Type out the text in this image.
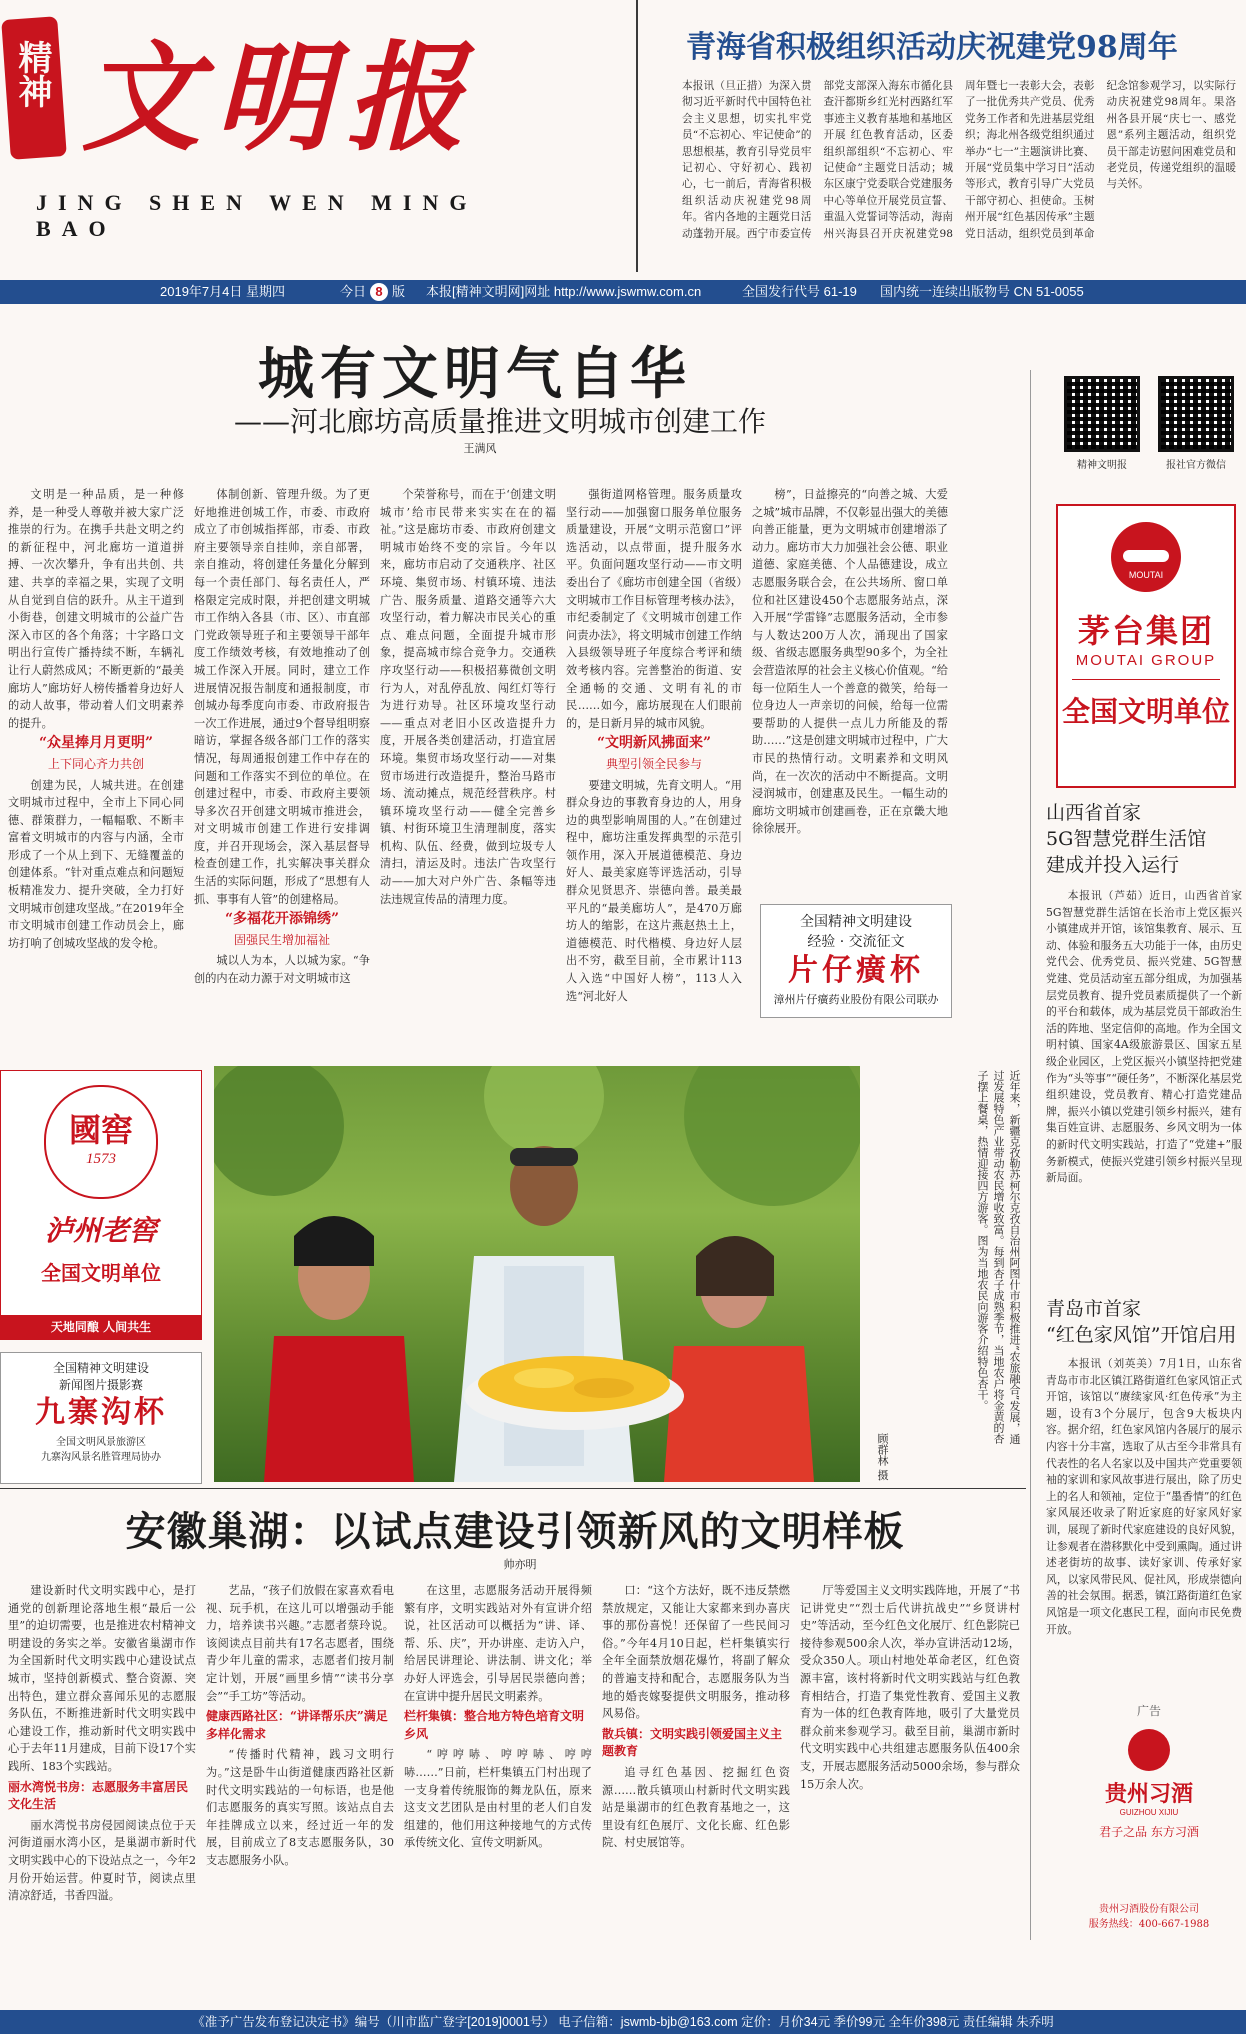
精神 文明报
JING SHEN WEN MING BAO
青海省积极组织活动庆祝建党98周年
本报讯（旦正措）为深入贯彻习近平新时代中国特色社会主义思想，切实扎牢党员“不忘初心、牢记使命”的思想根基，教育引导党员牢记初心、守好初心、践初心，七一前后，青海省积极组织活动庆祝建党98周年。省内各地的主题党日活动蓬勃开展。西宁市委宣传部党支部深入海东市循化县查汗都斯乡红光村西路红军事迹主义教育基地和基地区开展 红色教育活动，区委组织部组织“不忘初心、牢记使命”主题党日活动；城东区康宁党委联合党建服务中心等单位开展党员宣誓、重温入党誓词等活动，海南州兴海县召开庆祝建党98周年暨七一表彰大会，表彰了一批优秀共产党员、优秀党务工作者和先进基层党组织；海北州各级党组织通过举办“七一”主题演讲比赛、开展“党员集中学习日”活动等形式，教育引导广大党员干部守初心、担使命。玉树州开展“红色基因传承”主题党日活动，组织党员到革命纪念馆参观学习，以实际行动庆祝建党98周年。果洛州各县开展“庆七一、感党恩”系列主题活动，组织党员干部走访慰问困难党员和老党员，传递党组织的温暖与关怀。
2019年7月4日 星期四	今日 8 版 本报[精神文明网]网址 http://www.jswmw.com.cn	全国发行代号 61-19 国内统一连续出版物号 CN 51-0055
城有文明气自华
——河北廊坊高质量推进文明城市创建工作
王满风

文明是一种品质，是一种修养，是一种受人尊敬并被大家广泛推崇的行为。在携手共赴文明之约的新征程中，河北廊坊一道道拼搏、一次次攀升，争有出共创、共建、共享的幸福之果，实现了文明从自觉到自信的跃升。从主干道到小街巷，创建文明城市的公益广告深入市区的各个角落；十字路口文明出行宣传广播持续不断，车辆礼让行人蔚然成风；不断更新的“最美廊坊人”廊坊好人榜传播着身边好人的动人故事，带动着人们文明素养的提升。

“众星捧月月更明”
上下同心齐力共创

创建为民，人城共进。在创建文明城市过程中，全市上下同心同德、群策群力，一幅幅歌、不断丰富着文明城市的内容与内涵，全市形成了一个从上到下、无缝覆盖的创建体系。“针对重点难点和问题短板精准发力、提升突破，全力打好文明城市创建攻坚战。”在2019年全市文明城市创建工作动员会上，廊坊打响了创城攻坚战的发令枪。

体制创新、管理升级。为了更好地推进创城工作，市委、市政府成立了市创城指挥部，市委、市政府主要领导亲自挂帅，亲自部署，亲自推动，将创建任务量化分解到每一个责任部门、每名责任人，严格限定完成时限，并把创建文明城市工作纳入各县（市、区）、市直部门党政领导班子和主要领导干部年度工作绩效考核，有效地推动了创城工作深入开展。同时，建立工作进展情况报告制度和通报制度，市创城办每季度向市委、市政府报告一次工作进展，通过9个督导组明察暗访，掌握各级各部门工作的落实情况，每周通报创建工作中存在的问题和工作落实不到位的单位。在创建过程中，市委、市政府主要领导多次召开创建文明城市推进会，对文明城市创建工作进行安排调度，并召开现场会，深入基层督导检查创建工作，扎实解决事关群众生活的实际问题，形成了“思想有人抓、事事有人管”的创建格局。

“多福花开添锦绣”
固强民生增加福祉

城以人为本，人以城为家。“争创的内在动力源于对文明城市这

个荣誉称号，而在于‘创建文明城市’给市民带来实实在在的福祉。”这是廊坊市委、市政府创建文明城市始终不变的宗旨。今年以来，廊坊市启动了交通秩序、社区环境、集贸市场、村镇环境、违法广告、服务质量、道路交通等六大攻坚行动，着力解决市民关心的重点、难点问题，全面提升城市形象，提高城市综合竞争力。交通秩序攻坚行动——积极招募微创文明行为人，对乱停乱放、闯红灯等行为进行劝导。社区环境攻坚行动——重点对老旧小区改造提升力度，开展各类创建活动，打造宜居环境。集贸市场攻坚行动——对集贸市场进行改造提升，整治马路市场、流动摊点，规范经营秩序。村镇环境攻坚行动——健全完善乡镇、村街环境卫生清理制度，落实机构、队伍、经费，做到垃圾专人清扫，清运及时。违法广告攻坚行动——加大对户外广告、条幅等违法违规宣传品的清理力度。

强街道网格管理。服务质量攻坚行动——加强窗口服务单位服务质量建设，开展“文明示范窗口”评选活动，以点带面，提升服务水平。负面问题攻坚行动——市文明委出台了《廊坊市创建全国（省级）文明城市工作目标管理考核办法》，市纪委制定了《文明城市创建工作问责办法》，将文明城市创建工作纳入县级领导班子年度综合考评和绩效考核内容。完善整治的街道、安全通畅的交通、文明有礼的市民……如今，廊坊展现在人们眼前的，是日新月异的城市风貌。

“文明新风拂面来”
典型引领全民参与

要建文明城，先育文明人。“用群众身边的事教育身边的人，用身边的典型影响周围的人。”在创建过程中，廊坊注重发挥典型的示范引领作用，深入开展道德模范、身边好人、最美家庭等评选活动，引导群众见贤思齐、崇德向善。最美最平凡的“最美廊坊人”，是470万廊坊人的缩影，在这片燕赵热土上，道德模范、时代楷模、身边好人层出不穷，截至目前，全市累计113人入选“中国好人榜”，113人入选“河北好人

榜”，日益擦亮的“向善之城、大爱之城”城市品牌，不仅彰显出强大的美德向善正能量，更为文明城市创建增添了动力。廊坊市大力加强社会公德、职业道德、家庭美德、个人品德建设，成立志愿服务联合会，在公共场所、窗口单位和社区建设450个志愿服务站点，深入开展“学雷锋”志愿服务活动，全市参与人数达200万人次，涌现出了国家级、省级志愿服务典型90多个，为全社会营造浓厚的社会主义核心价值观。“给每一位陌生人一个善意的微笑，给每一位身边人一声亲切的问候，给每一位需要帮助的人提供一点儿力所能及的帮助……”这是创建文明城市过程中，广大市民的热情行动。文明素养和文明风尚，在一次次的活动中不断提高。文明浸润城市，创建惠及民生。一幅生动的廊坊文明城市创建画卷，正在京畿大地徐徐展开。

全国精神文明建设
经验 · 交流征文
片仔癀杯
漳州片仔癀药业股份有限公司联办
精神文明报	报社官方微信
MOUTAI
茅台集团
MOUTAI GROUP
全国文明单位
山西省首家
5G智慧党群生活馆
建成并投入运行

本报讯（芦茹）近日，山西省首家5G智慧党群生活馆在长治市上党区振兴小镇建成并开馆，该馆集教育、展示、互动、体验和服务五大功能于一体，由历史党代会、优秀党员、振兴党建、5G智慧党建、党员活动室五部分组成，为加强基层党员教育、提升党员素质提供了一个新的平台和载体，成为基层党员干部政治生活的阵地、坚定信仰的高地。作为全国文明村镇、国家4A级旅游景区、国家五星级企业园区，上党区振兴小镇坚持把党建作为“头等事”“硬任务”，不断深化基层党组织建设，党员教育、精心打造党建品牌，振兴小镇以党建引领乡村振兴，建有集百姓宣讲、志愿服务、乡风文明为一体的新时代文明实践站，打造了“党建+”服务新模式，使振兴党建引领乡村振兴呈现新局面。

青岛市首家
“红色家风馆”开馆启用

本报讯（刘英美）7月1日，山东省青岛市市北区镇江路街道红色家风馆正式开馆，该馆以“赓续家风·红色传承”为主题，设有3个分展厅，包含9大板块内容。据介绍，红色家风馆内各展厅的展示内容十分丰富，选取了从古至今非常具有代表性的名人名家以及中国共产党重要领袖的家训和家风故事进行展出，除了历史上的名人和领袖，定位于“墨香情”的红色家风展还收录了附近家庭的好家风好家训，展现了新时代家庭建设的良好风貌，让参观者在潜移默化中受到熏陶。通过讲述老街坊的故事、读好家训、传承好家风，以家风带民风、促社风，形成崇德向善的社会氛围。据悉，镇江路街道红色家风馆是一项文化惠民工程，面向市民免费开放。

广告
贵州习酒
GUIZHOU XIJIU
君子之品 东方习酒
贵州习酒股份有限公司
服务热线：400-667-1988
國窖
1573
泸州老窖
全国文明单位
天地同酿 人间共生
全国精神文明建设
新闻图片摄影赛
九寨沟杯
全国文明风景旅游区
九寨沟风景名胜管理局协办
近年来，新疆克孜勒苏柯尔克孜自治州阿图什市积极推进“农旅融合”发展，通过发展特色产业带动农民增收致富。每到杏子成熟季节，当地农户将金黄的杏子摆上餐桌，热情迎接四方游客。图为当地农民向游客介绍特色杏干。
顾群林 摄
安徽巢湖：以试点建设引领新风的文明样板
帅亦明

建设新时代文明实践中心，是打通党的创新理论落地生根“最后一公里”的迫切需要，也是推进农村精神文明建设的务实之举。安徽省巢湖市作为全国新时代文明实践中心建设试点城市，坚持创新模式、整合资源、突出特色，建立群众喜闻乐见的志愿服务队伍，不断推进新时代文明实践中心建设工作，推动新时代文明实践中心于去年11月建成，目前下设17个实践所、183个实践站。

丽水湾悦书房：志愿服务丰富居民文化生活

丽水湾悦书房侵园阅读点位于天河街道丽水湾小区，是巢湖市新时代文明实践中心的下设站点之一，今年2月份开始运营。仲夏时节，阅读点里清凉舒适，书香四溢。

艺品，“孩子们放假在家喜欢看电视、玩手机，在这儿可以增强动手能力，培养读书兴趣。”志愿者蔡玲说。该阅读点目前共有17名志愿者，围绕青少年儿童的需求，志愿者们按月制定计划，开展“画里乡情”“读书分享会”“手工坊”等活动。

健康西路社区：“讲译帮乐庆”满足多样化需求

“传播时代精神，践习文明行为。”这是卧牛山街道健康西路社区新时代文明实践站的一句标语，也是他们志愿服务的真实写照。该站点自去年挂牌成立以来，经过近一年的发展，目前成立了8支志愿服务队，30支志愿服务小队。

在这里，志愿服务活动开展得频繁有序，文明实践站对外有宣讲介绍说，社区活动可以概括为“讲、译、帮、乐、庆”，开办讲座、走访入户，给居民讲理论、讲法制、讲文化；举办好人评选会，引导居民崇德向善；在宣讲中提升居民文明素养。

栏杆集镇：整合地方特色培育文明乡风

“哼哼哧、哼哼哧、哼哼哧……”日前，栏杆集镇五门村出现了一支身着传统服饰的舞龙队伍，原来这支文艺团队是由村里的老人们自发组建的，他们用这种接地气的方式传承传统文化、宣传文明新风。

口：“这个方法好，既不违反禁燃禁放规定，又能让大家都来到办喜庆事的那份喜悦！还保留了一些民间习俗。”今年4月10日起，栏杆集镇实行全年全面禁放烟花爆竹，将副了解众的普遍支持和配合，志愿服务队为当地的婚丧嫁娶提供文明服务，推动移风易俗。

散兵镇：文明实践引领爱国主义主题教育

追寻红色基因、挖掘红色资源……散兵镇项山村新时代文明实践站是巢湖市的红色教育基地之一，这里设有红色展厅、文化长廊、红色影院、村史展馆等。

厅等爱国主义文明实践阵地，开展了“书记讲党史”“烈士后代讲抗战史”“乡贤讲村史”等活动，至今红色文化展厅、红色影院已接待参观500余人次，举办宣讲活动12场，受众350人。项山村地处革命老区，红色资源丰富，该村将新时代文明实践站与红色教育相结合，打造了集党性教育、爱国主义教育为一体的红色教育阵地，吸引了大量党员群众前来参观学习。截至目前，巢湖市新时代文明实践中心共组建志愿服务队伍400余支，开展志愿服务活动5000余场，参与群众15万余人次。

《准予广告发布登记决定书》编号（川市监广登字[2019]0001号） 电子信箱：jswmb-bjb@163.com 定价：月价34元 季价99元 全年价398元 责任编辑 朱乔明
